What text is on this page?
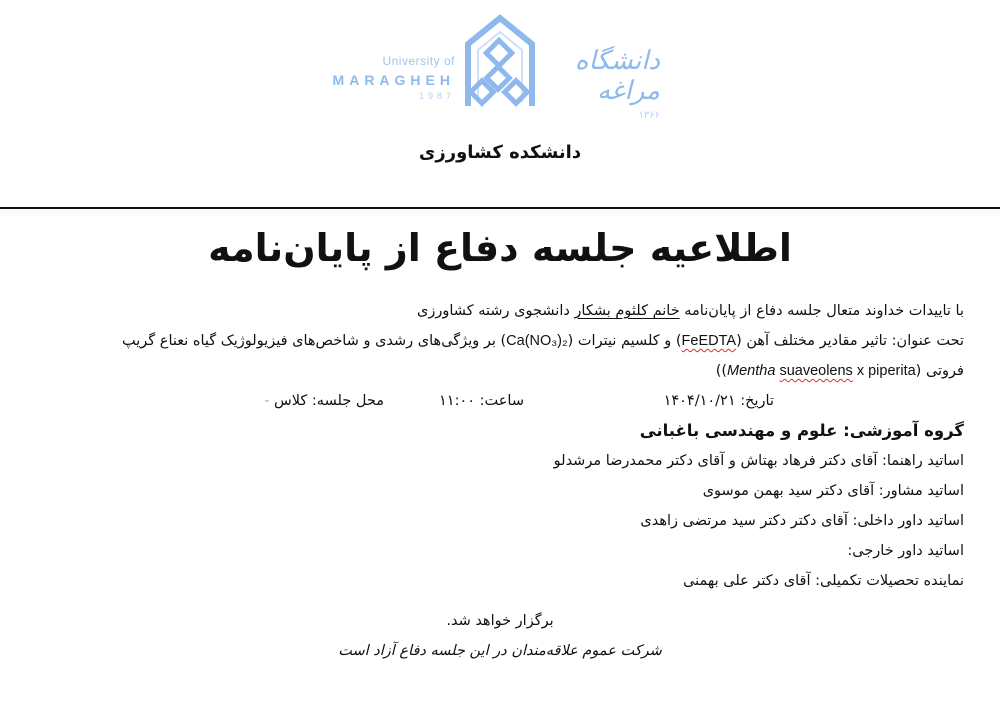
University of
MARAGHEH
1987
دانشگاه مراغه
۱۳۶۶
دانشکده کشاورزی
اطلاعیه جلسه دفاع از پایان‌نامه
با تاییدات خداوند متعال جلسه دفاع از پایان‌نامه خانم کلثوم بشکار دانشجوی رشته کشاورزی
تحت عنوان: تاثیر مقادیر مختلف آهن (FeEDTA) و کلسیم نیترات (Ca(NO₃)₂) بر ویژگی‌های رشدی و شاخص‌های فیزیولوژیک گیاه نعناع گریپ
فروتی (Mentha suaveolens x piperita))
تاریخ: ۱۴۰۴/۱۰/۲۱
ساعت: ۱۱:۰۰
محل جلسه: کلاس -
گروه آموزشی: علوم و مهندسی باغبانی
اساتید راهنما: آقای دکتر فرهاد بهتاش و آقای دکتر محمدرضا مرشدلو
اساتید مشاور: آقای دکتر سید بهمن موسوی
اساتید داور داخلی: آقای دکتر دکتر سید مرتضی زاهدی
اساتید داور خارجی:
نماینده تحصیلات تکمیلی: آقای دکتر علی بهمنی
برگزار خواهد شد.
شرکت عموم علاقه‌مندان در این جلسه دفاع آزاد است
